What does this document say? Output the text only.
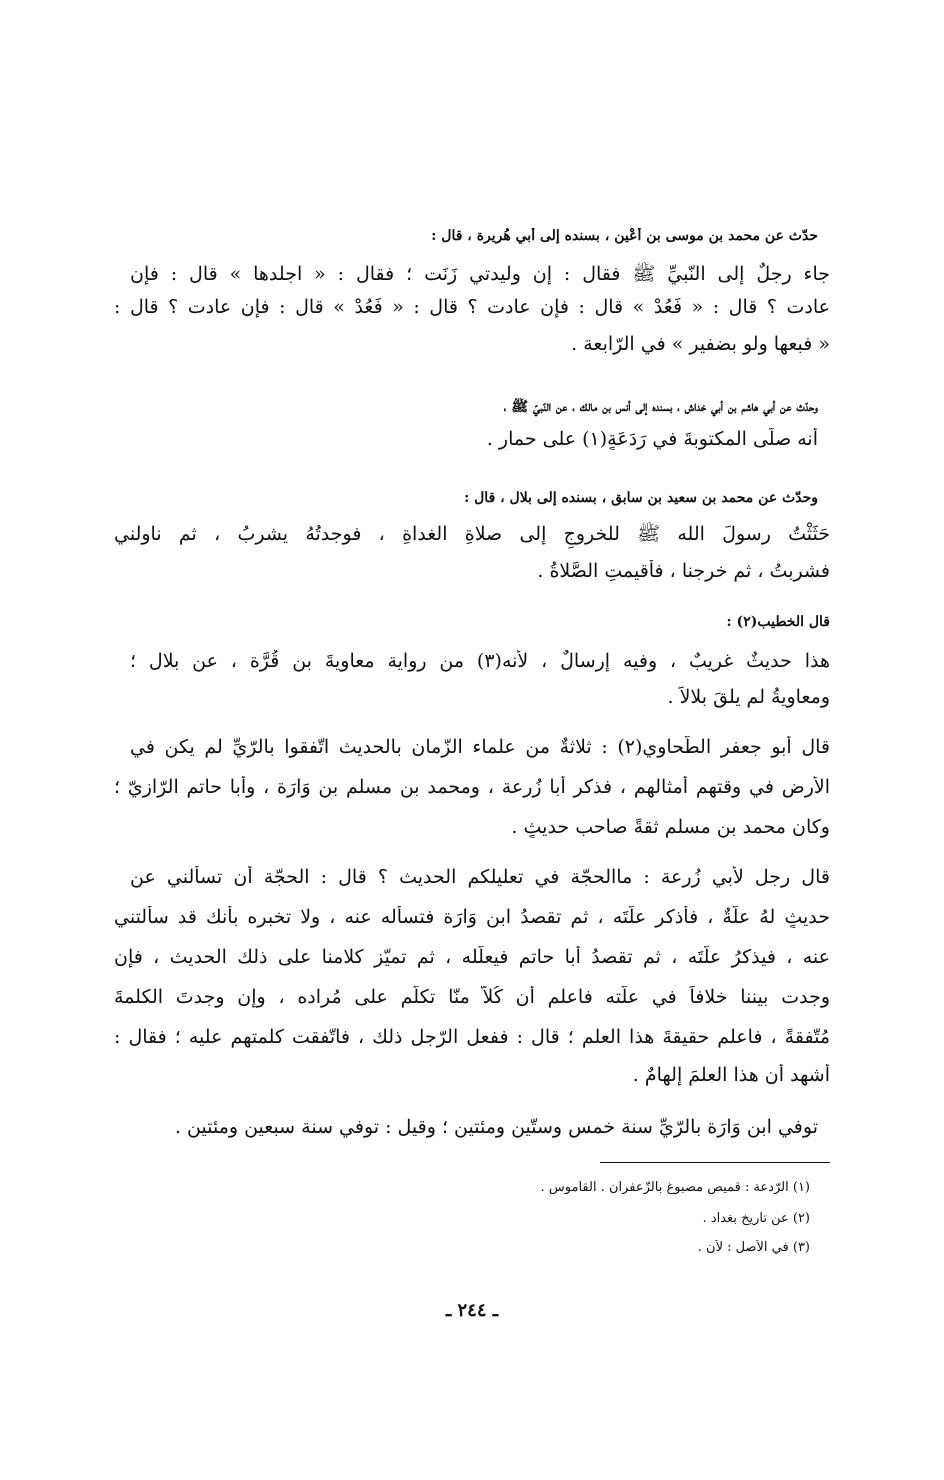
حدّث عن محمد بن موسى بن أعْين ، بسنده إلى أبي هُريرة ، قال :
جاء رجلٌ إلى النّبيِّ ﷺ فقال : إن وليدتي زَنَت ؛ فقال : « اجلدها » قال : فإن
عادت ؟ قال : « فَعُدْ » قال : فإن عادت ؟ قال : « فَعُدْ » قال : فإن عادت ؟ قال :
« فبعها ولو بضفير » في الرّابعة .
وحدّث عن أبي هاشم بن أبي خداش ، بسنده إلى أنس بن مالك ، عن النّبيّ ﷺ ،
أنه صلّى المكتوبةَ في رَدَعَةٍ(١) على حمارٍ .
وحدّث عن محمد بن سعيد بن سابق ، بسنده إلى بلال ، قال :
حَثَثْتُ رسولَ الله ﷺ للخروجِ إلى صلاةِ الغداةِ ، فوجدتُهُ يشربُ ، ثم ناولني
فشربتُ ، ثم خرجنا ، فأُقيمتِ الصَّلاةُ .
قال الخطيب(٢) :
هذا حديثٌ غريبٌ ، وفيه إرسالٌ ، لأنه(٣) من رواية معاويةَ بن قُرَّة ، عن بلال ؛
ومعاويةُ لم يلقَ بلالاً .
قال أبو جعفر الطّحاوي(٢) : ثلاثةٌ من علماء الزّمان بالحديث اتّفقوا بالرّيِّ لم يكن في
الأرض في وقتهم أمثالهم ، فذكر أبا زُرعة ، ومحمد بن مسلم بن وَارَة ، وأبا حاتم الرّازيّ ؛
وكان محمد بن مسلم ثقةً صاحب حديثٍ .
قال رجل لأبي زُرعة : ماالحجّة في تعليلكم الحديث ؟ قال : الحجّة أن تسألني عن
حديثٍ لهُ علّةٌ ، فأذكر علّتَه ، ثم تقصدُ ابن وَارَة فتسأله عنه ، ولا تخبره بأنك قد سألتني
عنه ، فيذكرُ علّتَه ، ثم تقصدُ أبا حاتم فيعلّله ، ثم تميّز كلامنا على ذلك الحديث ، فإن
وجدت بيننا خلافاً في علّته فاعلم أن كُلاًّ منّا تكلّم على مُراده ، وإن وجدتَ الكلمةَ
مُتّفقةً ، فاعلم حقيقةَ هذا العلم ؛ قال : ففعل الرّجل ذلك ، فاتّفقت كلمتهم عليه ؛ فقال :
أشهد أن هذا العلمَ إلهامٌ .
توفي ابن وَارَة بالرّيِّ سنة خمسٍ وستّين ومئتين ؛ وقيل : توفي سنة سبعين ومئتين .
(١) الرّدعة : قميص مصبوغ بالزّعفران . القاموس .
(٢) عن تاريخ بغداد .
(٣) في الأصل : لأن .
ـ ٢٤٤ ـ
